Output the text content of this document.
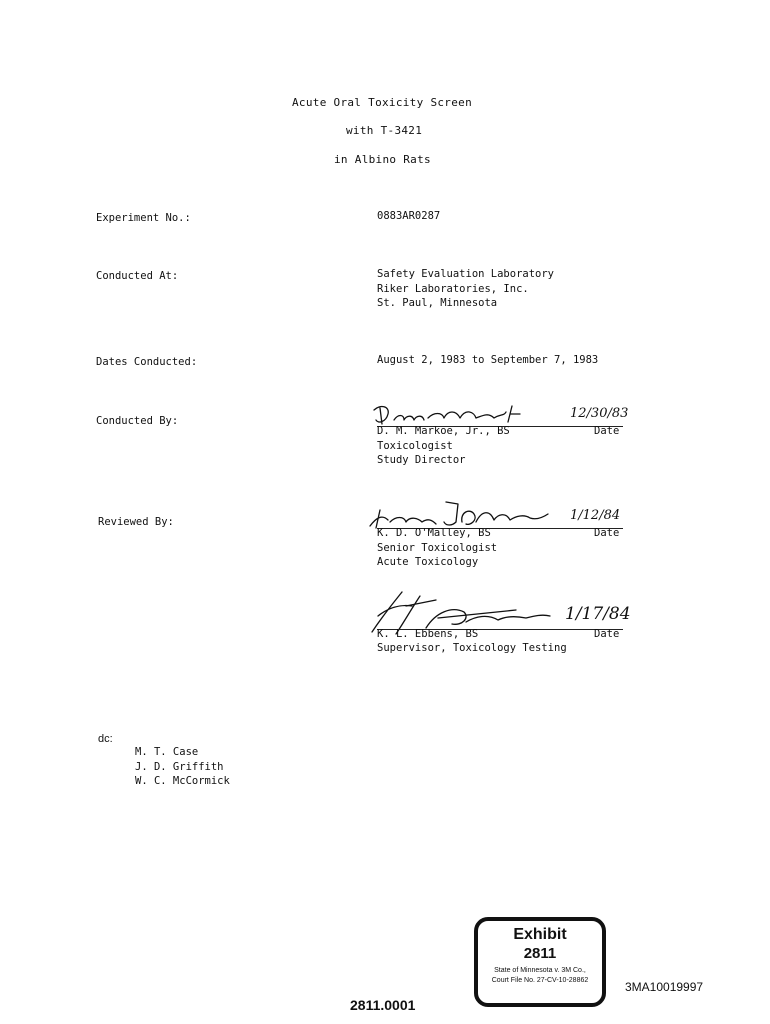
Acute Oral Toxicity Screen
with T-3421
in Albino Rats
Experiment No.:	0883AR0287
Conducted At:	Safety Evaluation Laboratory
Riker Laboratories, Inc.
St. Paul, Minnesota
Dates Conducted:	August 2, 1983 to September 7, 1983
Conducted By:	12/30/83
D. M. Markoe, Jr., BS	Date
Toxicologist
Study Director
Reviewed By:	1/12/84
K. D. O'Malley, BS	Date
Senior Toxicologist
Acute Toxicology
1/17/84
K. L. Ebbens, BS	Date
Supervisor, Toxicology Testing
dc:
M. T. Case
J. D. Griffith
W. C. McCormick
Exhibit
2811
State of Minnesota v. 3M Co.,
Court File No. 27-CV-10-28862	3MA10019997
2811.0001
